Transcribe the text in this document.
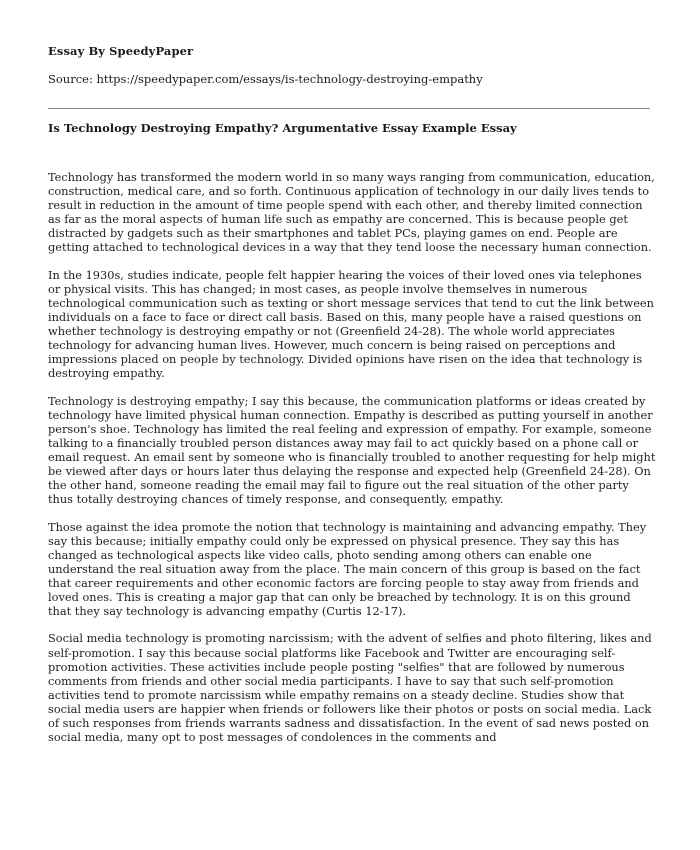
Essay By SpeedyPaper
Source: https://speedypaper.com/essays/is-technology-destroying-empathy
Is Technology Destroying Empathy? Argumentative Essay Example Essay

Technology has transformed the modern world in so many ways ranging from communication, education, construction, medical care, and so forth. Continuous application of technology in our daily lives tends to result in reduction in the amount of time people spend with each other, and thereby limited connection as far as the moral aspects of human life such as empathy are concerned. This is because people get distracted by gadgets such as their smartphones and tablet PCs, playing games on end. People are getting attached to technological devices in a way that they tend loose the necessary human connection.

In the 1930s, studies indicate, people felt happier hearing the voices of their loved ones via telephones or physical visits. This has changed; in most cases, as people involve themselves in numerous technological communication such as texting or short message services that tend to cut the link between individuals on a face to face or direct call basis. Based on this, many people have a raised questions on whether technology is destroying empathy or not (Greenfield 24-28). The whole world appreciates technology for advancing human lives. However, much concern is being raised on perceptions and impressions placed on people by technology. Divided opinions have risen on the idea that technology is destroying empathy.

Technology is destroying empathy; I say this because, the communication platforms or ideas created by technology have limited physical human connection. Empathy is described as putting yourself in another person's shoe. Technology has limited the real feeling and expression of empathy. For example, someone talking to a financially troubled person distances away may fail to act quickly based on a phone call or email request. An email sent by someone who is financially troubled to another requesting for help might be viewed after days or hours later thus delaying the response and expected help (Greenfield 24-28). On the other hand, someone reading the email may fail to figure out the real situation of the other party thus totally destroying chances of timely response, and consequently, empathy.

Those against the idea promote the notion that technology is maintaining and advancing empathy. They say this because; initially empathy could only be expressed on physical presence. They say this has changed as technological aspects like video calls, photo sending among others can enable one understand the real situation away from the place. The main concern of this group is based on the fact that career requirements and other economic factors are forcing people to stay away from friends and loved ones. This is creating a major gap that can only be breached by technology. It is on this ground that they say technology is advancing empathy (Curtis 12-17).

Social media technology is promoting narcissism; with the advent of selfies and photo filtering, likes and self-promotion. I say this because social platforms like Facebook and Twitter are encouraging self-promotion activities. These activities include people posting "selfies" that are followed by numerous comments from friends and other social media participants. I have to say that such self-promotion activities tend to promote narcissism while empathy remains on a steady decline. Studies show that social media users are happier when friends or followers like their photos or posts on social media. Lack of such responses from friends warrants sadness and dissatisfaction. In the event of sad news posted on social media, many opt to post messages of condolences in the comments and
